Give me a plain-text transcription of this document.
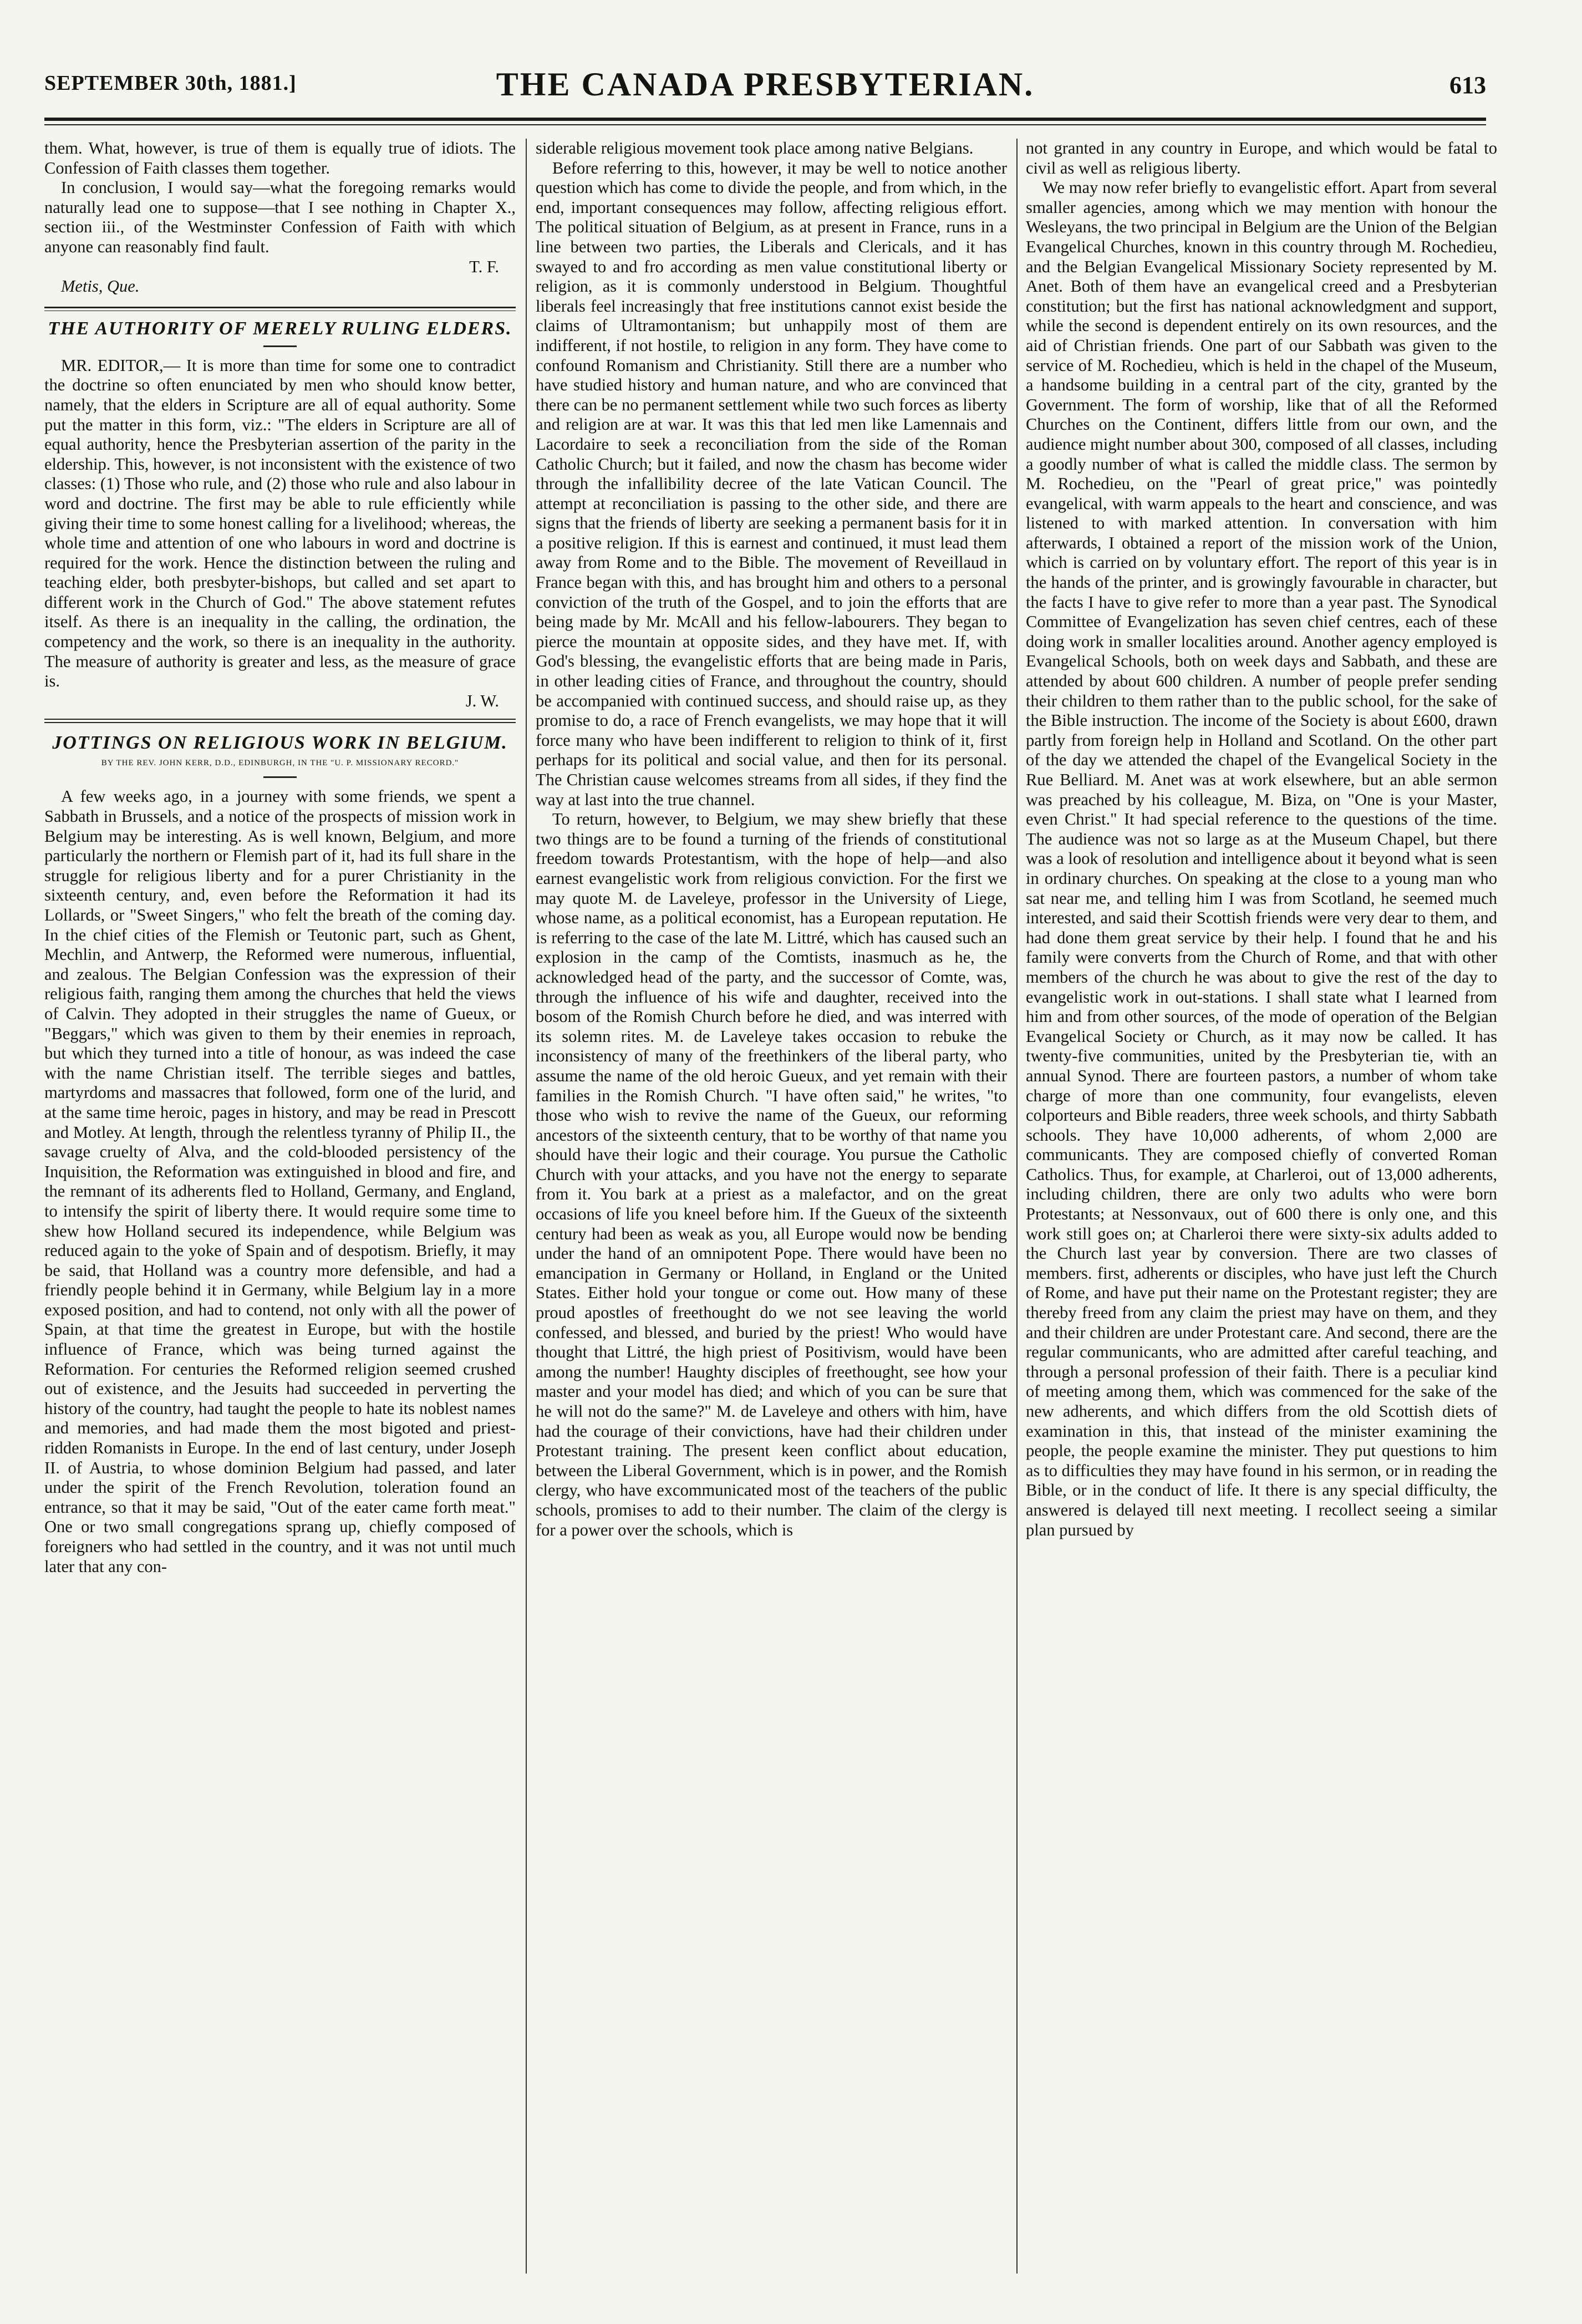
SEPTEMBER 30th, 1881.]	THE CANADA PRESBYTERIAN.	613

them. What, however, is true of them is equally true of idiots. The Confession of Faith classes them together.

In conclusion, I would say—what the foregoing remarks would naturally lead one to suppose—that I see nothing in Chapter X., section iii., of the Westminster Confession of Faith with which anyone can reasonably find fault.

T. F.
Metis, Que.
THE AUTHORITY OF MERELY RULING ELDERS.

MR. EDITOR,— It is more than time for some one to contradict the doctrine so often enunciated by men who should know better, namely, that the elders in Scripture are all of equal authority. Some put the matter in this form, viz.: "The elders in Scripture are all of equal authority, hence the Presbyterian assertion of the parity in the eldership. This, however, is not inconsistent with the existence of two classes: (1) Those who rule, and (2) those who rule and also labour in word and doctrine. The first may be able to rule efficiently while giving their time to some honest calling for a livelihood; whereas, the whole time and attention of one who labours in word and doctrine is required for the work. Hence the distinction between the ruling and teaching elder, both presbyter-bishops, but called and set apart to different work in the Church of God." The above statement refutes itself. As there is an inequality in the calling, the ordination, the competency and the work, so there is an inequality in the authority. The measure of authority is greater and less, as the measure of grace is.

J. W.
JOTTINGS ON RELIGIOUS WORK IN BELGIUM.
BY THE REV. JOHN KERR, D.D., EDINBURGH, IN THE "U. P. MISSIONARY RECORD."

A few weeks ago, in a journey with some friends, we spent a Sabbath in Brussels, and a notice of the prospects of mission work in Belgium may be interesting. As is well known, Belgium, and more particularly the northern or Flemish part of it, had its full share in the struggle for religious liberty and for a purer Christianity in the sixteenth century, and, even before the Reformation it had its Lollards, or "Sweet Singers," who felt the breath of the coming day. In the chief cities of the Flemish or Teutonic part, such as Ghent, Mechlin, and Antwerp, the Reformed were numerous, influential, and zealous. The Belgian Confession was the expression of their religious faith, ranging them among the churches that held the views of Calvin. They adopted in their struggles the name of Gueux, or "Beggars," which was given to them by their enemies in reproach, but which they turned into a title of honour, as was indeed the case with the name Christian itself. The terrible sieges and battles, martyrdoms and massacres that followed, form one of the lurid, and at the same time heroic, pages in history, and may be read in Prescott and Motley. At length, through the relentless tyranny of Philip II., the savage cruelty of Alva, and the cold-blooded persistency of the Inquisition, the Reformation was extinguished in blood and fire, and the remnant of its adherents fled to Holland, Germany, and England, to intensify the spirit of liberty there. It would require some time to shew how Holland secured its independence, while Belgium was reduced again to the yoke of Spain and of despotism. Briefly, it may be said, that Holland was a country more defensible, and had a friendly people behind it in Germany, while Belgium lay in a more exposed position, and had to contend, not only with all the power of Spain, at that time the greatest in Europe, but with the hostile influence of France, which was being turned against the Reformation. For centuries the Reformed religion seemed crushed out of existence, and the Jesuits had succeeded in perverting the history of the country, had taught the people to hate its noblest names and memories, and had made them the most bigoted and priest-ridden Romanists in Europe. In the end of last century, under Joseph II. of Austria, to whose dominion Belgium had passed, and later under the spirit of the French Revolution, toleration found an entrance, so that it may be said, "Out of the eater came forth meat." One or two small congregations sprang up, chiefly composed of foreigners who had settled in the country, and it was not until much later that any con-

siderable religious movement took place among native Belgians.

Before referring to this, however, it may be well to notice another question which has come to divide the people, and from which, in the end, important consequences may follow, affecting religious effort. The political situation of Belgium, as at present in France, runs in a line between two parties, the Liberals and Clericals, and it has swayed to and fro according as men value constitutional liberty or religion, as it is commonly understood in Belgium. Thoughtful liberals feel increasingly that free institutions cannot exist beside the claims of Ultramontanism; but unhappily most of them are indifferent, if not hostile, to religion in any form. They have come to confound Romanism and Christianity. Still there are a number who have studied history and human nature, and who are convinced that there can be no permanent settlement while two such forces as liberty and religion are at war. It was this that led men like Lamennais and Lacordaire to seek a reconciliation from the side of the Roman Catholic Church; but it failed, and now the chasm has become wider through the infallibility decree of the late Vatican Council. The attempt at reconciliation is passing to the other side, and there are signs that the friends of liberty are seeking a permanent basis for it in a positive religion. If this is earnest and continued, it must lead them away from Rome and to the Bible. The movement of Reveillaud in France began with this, and has brought him and others to a personal conviction of the truth of the Gospel, and to join the efforts that are being made by Mr. McAll and his fellow-labourers. They began to pierce the mountain at opposite sides, and they have met. If, with God's blessing, the evangelistic efforts that are being made in Paris, in other leading cities of France, and throughout the country, should be accompanied with continued success, and should raise up, as they promise to do, a race of French evangelists, we may hope that it will force many who have been indifferent to religion to think of it, first perhaps for its political and social value, and then for its personal. The Christian cause welcomes streams from all sides, if they find the way at last into the true channel.

To return, however, to Belgium, we may shew briefly that these two things are to be found a turning of the friends of constitutional freedom towards Protestantism, with the hope of help—and also earnest evangelistic work from religious conviction. For the first we may quote M. de Laveleye, professor in the University of Liege, whose name, as a political economist, has a European reputation. He is referring to the case of the late M. Littré, which has caused such an explosion in the camp of the Comtists, inasmuch as he, the acknowledged head of the party, and the successor of Comte, was, through the influence of his wife and daughter, received into the bosom of the Romish Church before he died, and was interred with its solemn rites. M. de Laveleye takes occasion to rebuke the inconsistency of many of the freethinkers of the liberal party, who assume the name of the old heroic Gueux, and yet remain with their families in the Romish Church. "I have often said," he writes, "to those who wish to revive the name of the Gueux, our reforming ancestors of the sixteenth century, that to be worthy of that name you should have their logic and their courage. You pursue the Catholic Church with your attacks, and you have not the energy to separate from it. You bark at a priest as a malefactor, and on the great occasions of life you kneel before him. If the Gueux of the sixteenth century had been as weak as you, all Europe would now be bending under the hand of an omnipotent Pope. There would have been no emancipation in Germany or Holland, in England or the United States. Either hold your tongue or come out. How many of these proud apostles of freethought do we not see leaving the world confessed, and blessed, and buried by the priest! Who would have thought that Littré, the high priest of Positivism, would have been among the number! Haughty disciples of freethought, see how your master and your model has died; and which of you can be sure that he will not do the same?" M. de Laveleye and others with him, have had the courage of their convictions, have had their children under Protestant training. The present keen conflict about education, between the Liberal Government, which is in power, and the Romish clergy, who have excommunicated most of the teachers of the public schools, promises to add to their number. The claim of the clergy is for a power over the schools, which is

not granted in any country in Europe, and which would be fatal to civil as well as religious liberty.

We may now refer briefly to evangelistic effort. Apart from several smaller agencies, among which we may mention with honour the Wesleyans, the two principal in Belgium are the Union of the Belgian Evangelical Churches, known in this country through M. Rochedieu, and the Belgian Evangelical Missionary Society represented by M. Anet. Both of them have an evangelical creed and a Presbyterian constitution; but the first has national acknowledgment and support, while the second is dependent entirely on its own resources, and the aid of Christian friends. One part of our Sabbath was given to the service of M. Rochedieu, which is held in the chapel of the Museum, a handsome building in a central part of the city, granted by the Government. The form of worship, like that of all the Reformed Churches on the Continent, differs little from our own, and the audience might number about 300, composed of all classes, including a goodly number of what is called the middle class. The sermon by M. Rochedieu, on the "Pearl of great price," was pointedly evangelical, with warm appeals to the heart and conscience, and was listened to with marked attention. In conversation with him afterwards, I obtained a report of the mission work of the Union, which is carried on by voluntary effort. The report of this year is in the hands of the printer, and is growingly favourable in character, but the facts I have to give refer to more than a year past. The Synodical Committee of Evangelization has seven chief centres, each of these doing work in smaller localities around. Another agency employed is Evangelical Schools, both on week days and Sabbath, and these are attended by about 600 children. A number of people prefer sending their children to them rather than to the public school, for the sake of the Bible instruction. The income of the Society is about £600, drawn partly from foreign help in Holland and Scotland. On the other part of the day we attended the chapel of the Evangelical Society in the Rue Belliard. M. Anet was at work elsewhere, but an able sermon was preached by his colleague, M. Biza, on "One is your Master, even Christ." It had special reference to the questions of the time. The audience was not so large as at the Museum Chapel, but there was a look of resolution and intelligence about it beyond what is seen in ordinary churches. On speaking at the close to a young man who sat near me, and telling him I was from Scotland, he seemed much interested, and said their Scottish friends were very dear to them, and had done them great service by their help. I found that he and his family were converts from the Church of Rome, and that with other members of the church he was about to give the rest of the day to evangelistic work in out-stations. I shall state what I learned from him and from other sources, of the mode of operation of the Belgian Evangelical Society or Church, as it may now be called. It has twenty-five communities, united by the Presbyterian tie, with an annual Synod. There are fourteen pastors, a number of whom take charge of more than one community, four evangelists, eleven colporteurs and Bible readers, three week schools, and thirty Sabbath schools. They have 10,000 adherents, of whom 2,000 are communicants. They are composed chiefly of converted Roman Catholics. Thus, for example, at Charleroi, out of 13,000 adherents, including children, there are only two adults who were born Protestants; at Nessonvaux, out of 600 there is only one, and this work still goes on; at Charleroi there were sixty-six adults added to the Church last year by conversion. There are two classes of members. first, adherents or disciples, who have just left the Church of Rome, and have put their name on the Protestant register; they are thereby freed from any claim the priest may have on them, and they and their children are under Protestant care. And second, there are the regular communicants, who are admitted after careful teaching, and through a personal profession of their faith. There is a peculiar kind of meeting among them, which was commenced for the sake of the new adherents, and which differs from the old Scottish diets of examination in this, that instead of the minister examining the people, the people examine the minister. They put questions to him as to difficulties they may have found in his sermon, or in reading the Bible, or in the conduct of life. It there is any special difficulty, the answered is delayed till next meeting. I recollect seeing a similar plan pursued by
